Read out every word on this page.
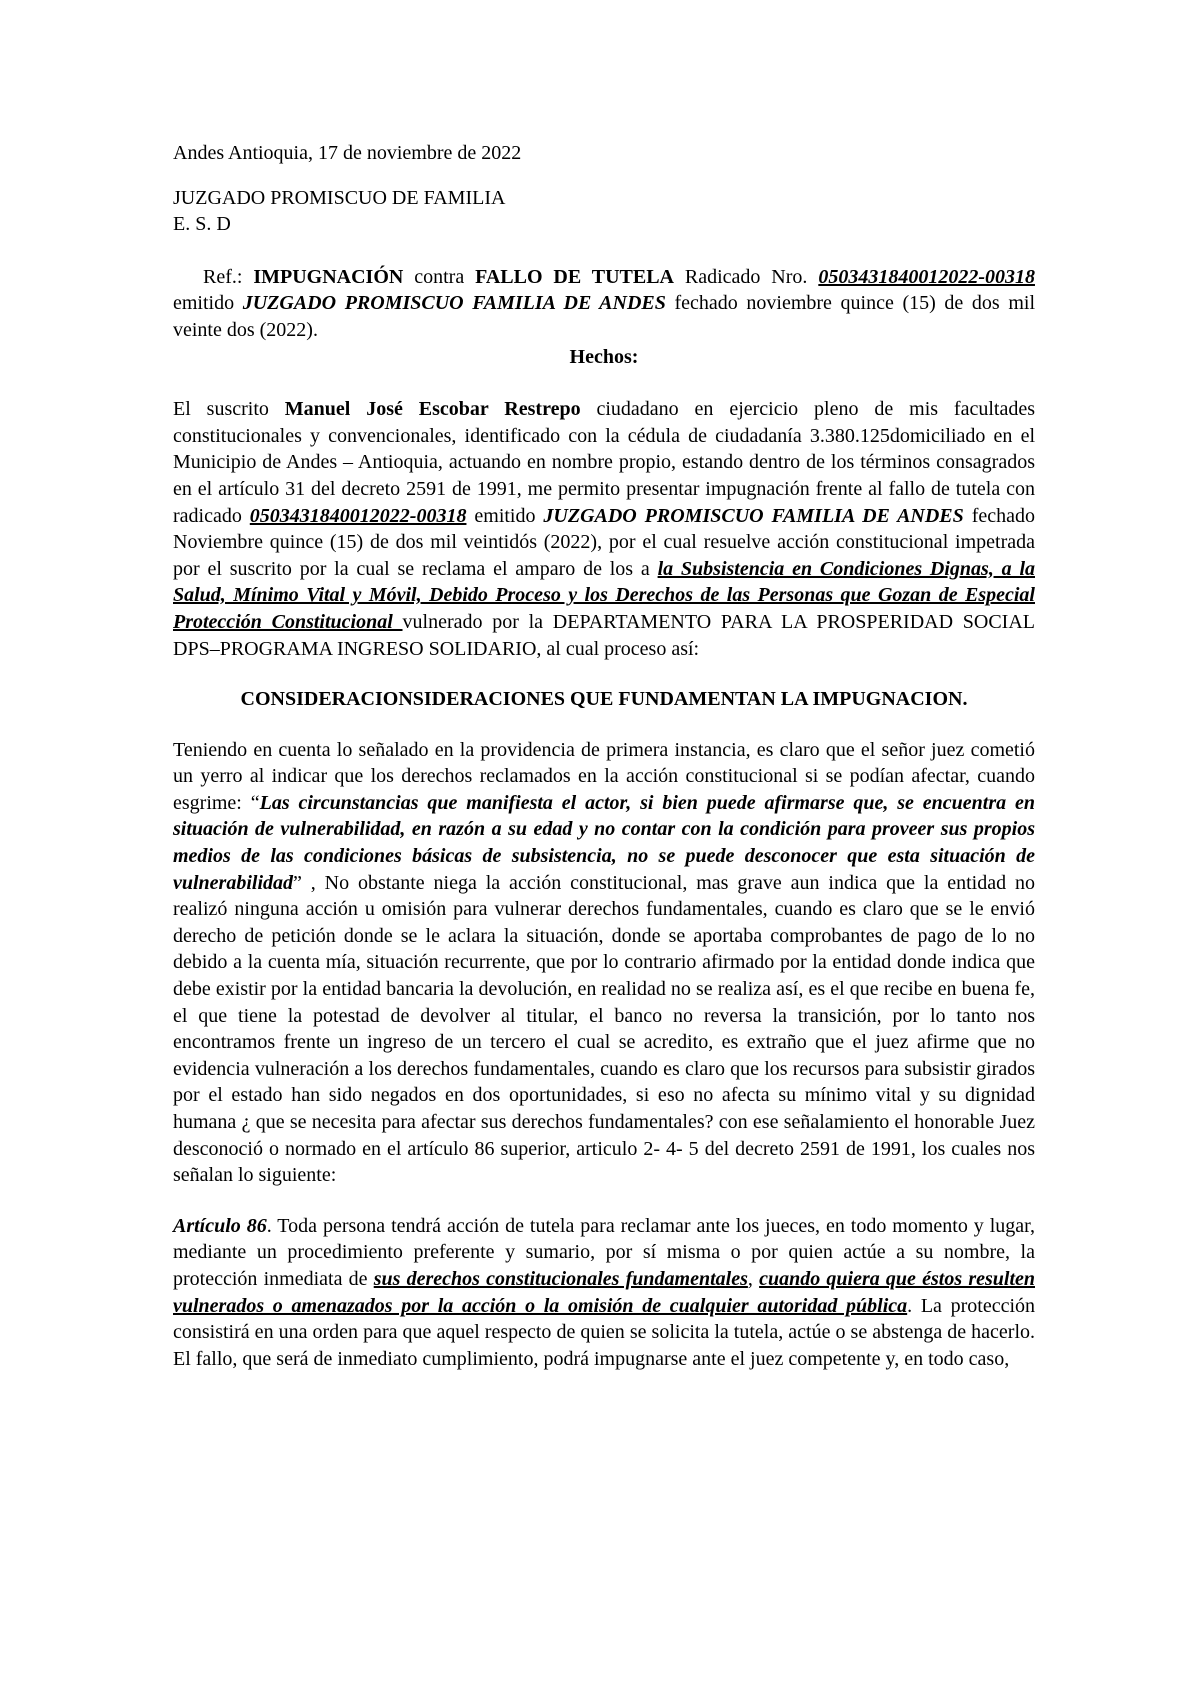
Andes Antioquia, 17 de noviembre de 2022

JUZGADO PROMISCUO DE FAMILIA

E. S. D

Ref.: IMPUGNACIÓN contra FALLO DE TUTELA Radicado Nro. 0503431840012022-00318 emitido JUZGADO PROMISCUO FAMILIA DE ANDES fechado noviembre quince (15) de dos mil veinte dos (2022).

Hechos:

El suscrito Manuel José Escobar Restrepo ciudadano en ejercicio pleno de mis facultades constitucionales y convencionales, identificado con la cédula de ciudadanía 3.380.125domiciliado en el Municipio de Andes – Antioquia, actuando en nombre propio, estando dentro de los términos consagrados en el artículo 31 del decreto 2591 de 1991, me permito presentar impugnación frente al fallo de tutela con radicado 0503431840012022-00318 emitido JUZGADO PROMISCUO FAMILIA DE ANDES fechado Noviembre quince (15) de dos mil veintidós (2022), por el cual resuelve acción constitucional impetrada por el suscrito por la cual se reclama el amparo de los a la Subsistencia en Condiciones Dignas, a la Salud, Mínimo Vital y Móvil, Debido Proceso y los Derechos de las Personas que Gozan de Especial Protección Constitucional vulnerado por la DEPARTAMENTO PARA LA PROSPERIDAD SOCIAL DPS–PROGRAMA INGRESO SOLIDARIO, al cual proceso así:

CONSIDERACIONSIDERACIONES QUE FUNDAMENTAN LA IMPUGNACION.

Teniendo en cuenta lo señalado en la providencia de primera instancia, es claro que el señor juez cometió un yerro al indicar que los derechos reclamados en la acción constitucional si se podían afectar, cuando esgrime: “Las circunstancias que manifiesta el actor, si bien puede afirmarse que, se encuentra en situación de vulnerabilidad, en razón a su edad y no contar con la condición para proveer sus propios medios de las condiciones básicas de subsistencia, no se puede desconocer que esta situación de vulnerabilidad” , No obstante niega la acción constitucional, mas grave aun indica que la entidad no realizó ninguna acción u omisión para vulnerar derechos fundamentales, cuando es claro que se le envió derecho de petición donde se le aclara la situación, donde se aportaba comprobantes de pago de lo no debido a la cuenta mía, situación recurrente, que por lo contrario afirmado por la entidad donde indica que debe existir por la entidad bancaria la devolución, en realidad no se realiza así, es el que recibe en buena fe, el que tiene la potestad de devolver al titular, el banco no reversa la transición, por lo tanto nos encontramos frente un ingreso de un tercero el cual se acredito, es extraño que el juez afirme que no evidencia vulneración a los derechos fundamentales, cuando es claro que los recursos para subsistir girados por el estado han sido negados en dos oportunidades, si eso no afecta su mínimo vital y su dignidad humana ¿ que se necesita para afectar sus derechos fundamentales? con ese señalamiento el honorable Juez desconoció o normado en el artículo 86 superior, articulo 2- 4- 5 del decreto 2591 de 1991, los cuales nos señalan lo siguiente:

Artículo 86. Toda persona tendrá acción de tutela para reclamar ante los jueces, en todo momento y lugar, mediante un procedimiento preferente y sumario, por sí misma o por quien actúe a su nombre, la protección inmediata de sus derechos constitucionales fundamentales, cuando quiera que éstos resulten vulnerados o amenazados por la acción o la omisión de cualquier autoridad pública. La protección consistirá en una orden para que aquel respecto de quien se solicita la tutela, actúe o se abstenga de hacerlo. El fallo, que será de inmediato cumplimiento, podrá impugnarse ante el juez competente y, en todo caso,
